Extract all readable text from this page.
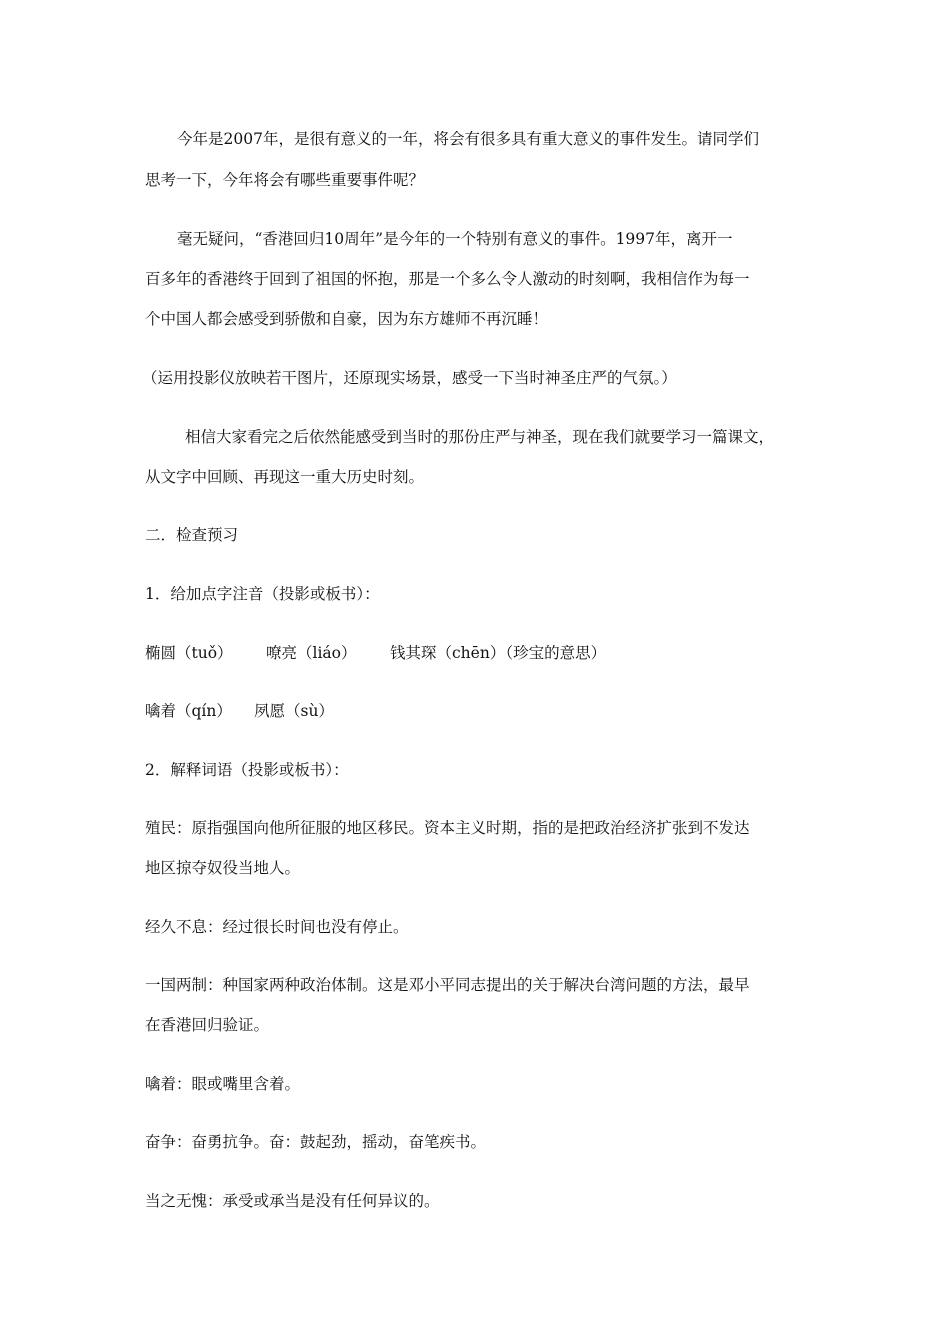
今年是2007年，是很有意义的一年，将会有很多具有重大意义的事件发生。请同学们
思考一下，今年将会有哪些重要事件呢？
毫无疑问，“香港回归10周年”是今年的一个特别有意义的事件。1997年，离开一
百多年的香港终于回到了祖国的怀抱，那是一个多么令人激动的时刻啊，我相信作为每一
个中国人都会感受到骄傲和自豪，因为东方雄师不再沉睡！
（运用投影仪放映若干图片，还原现实场景，感受一下当时神圣庄严的气氛。）
相信大家看完之后依然能感受到当时的那份庄严与神圣，现在我们就要学习一篇课文，
从文字中回顾、再现这一重大历史时刻。
二．检查预习
1．给加点字注音（投影或板书）：
椭圆（tuǒ） 嘹亮（liáo） 钱其琛（chēn）（珍宝的意思）
噙着（qín） 夙愿（sù）
2．解释词语（投影或板书）：
殖民：原指强国向他所征服的地区移民。资本主义时期，指的是把政治经济扩张到不发达
地区掠夺奴役当地人。
经久不息：经过很长时间也没有停止。
一国两制：种国家两种政治体制。这是邓小平同志提出的关于解决台湾问题的方法，最早
在香港回归验证。
噙着：眼或嘴里含着。
奋争：奋勇抗争。奋：鼓起劲，摇动，奋笔疾书。
当之无愧：承受或承当是没有任何异议的。
